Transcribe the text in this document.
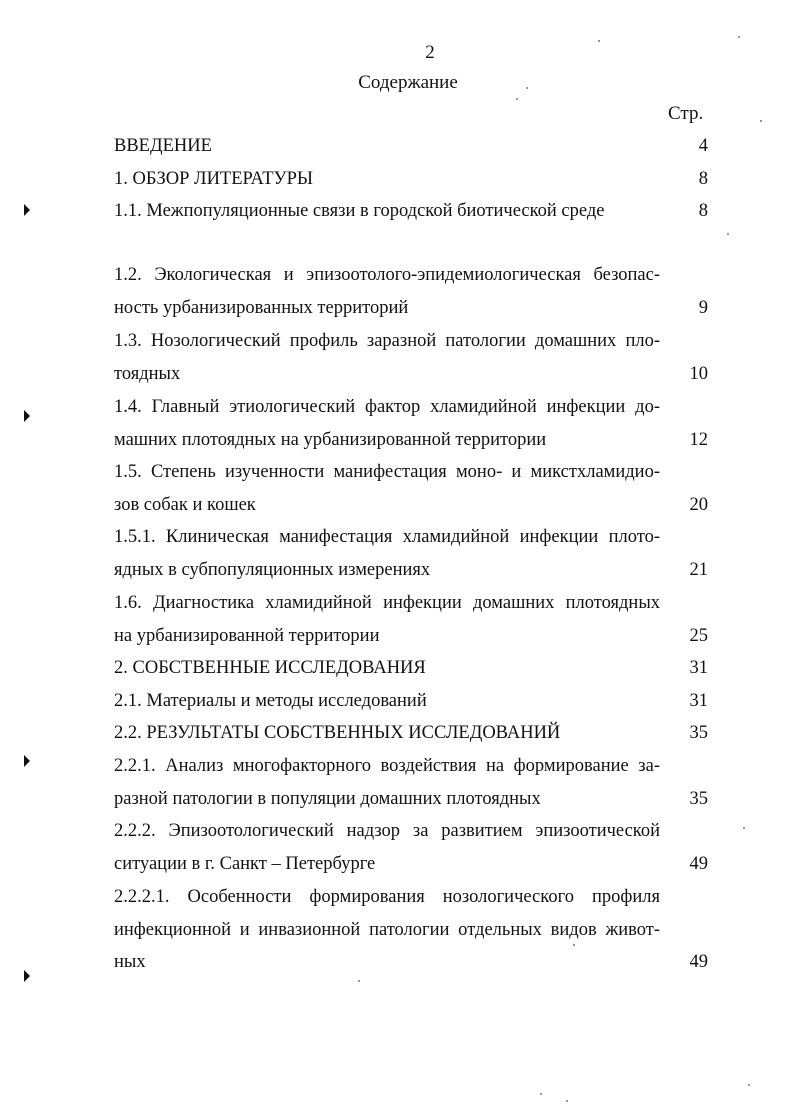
2
Содержание
Стр.
ВВЕДЕНИЕ	4
1. ОБЗОР ЛИТЕРАТУРЫ	8
1.1. Межпопуляционные связи в городской биотической среде	8
1.2. Экологическая и эпизоотолого-эпидемиологическая безопас-
ность урбанизированных территорий	9
1.3. Нозологический профиль заразной патологии домашних пло-
тоядных	10
1.4. Главный этиологический фактор хламидийной инфекции до-
машних плотоядных на урбанизированной территории	12
1.5. Степень изученности манифестация моно- и микстхламидио-
зов собак и кошек	20
1.5.1. Клиническая манифестация хламидийной инфекции плото-
ядных в субпопуляционных измерениях	21
1.6. Диагностика хламидийной инфекции домашних плотоядных
на урбанизированной территории	25
2. СОБСТВЕННЫЕ ИССЛЕДОВАНИЯ	31
2.1. Материалы и методы исследований	31
2.2. РЕЗУЛЬТАТЫ СОБСТВЕННЫХ ИССЛЕДОВАНИЙ	35
2.2.1. Анализ многофакторного воздействия на формирование за-
разной патологии в популяции домашних плотоядных	35
2.2.2. Эпизоотологический надзор за развитием эпизоотической
ситуации в г. Санкт – Петербурге	49
2.2.2.1. Особенности формирования нозологического профиля
инфекционной и инвазионной патологии отдельных видов живот-
ных	49
